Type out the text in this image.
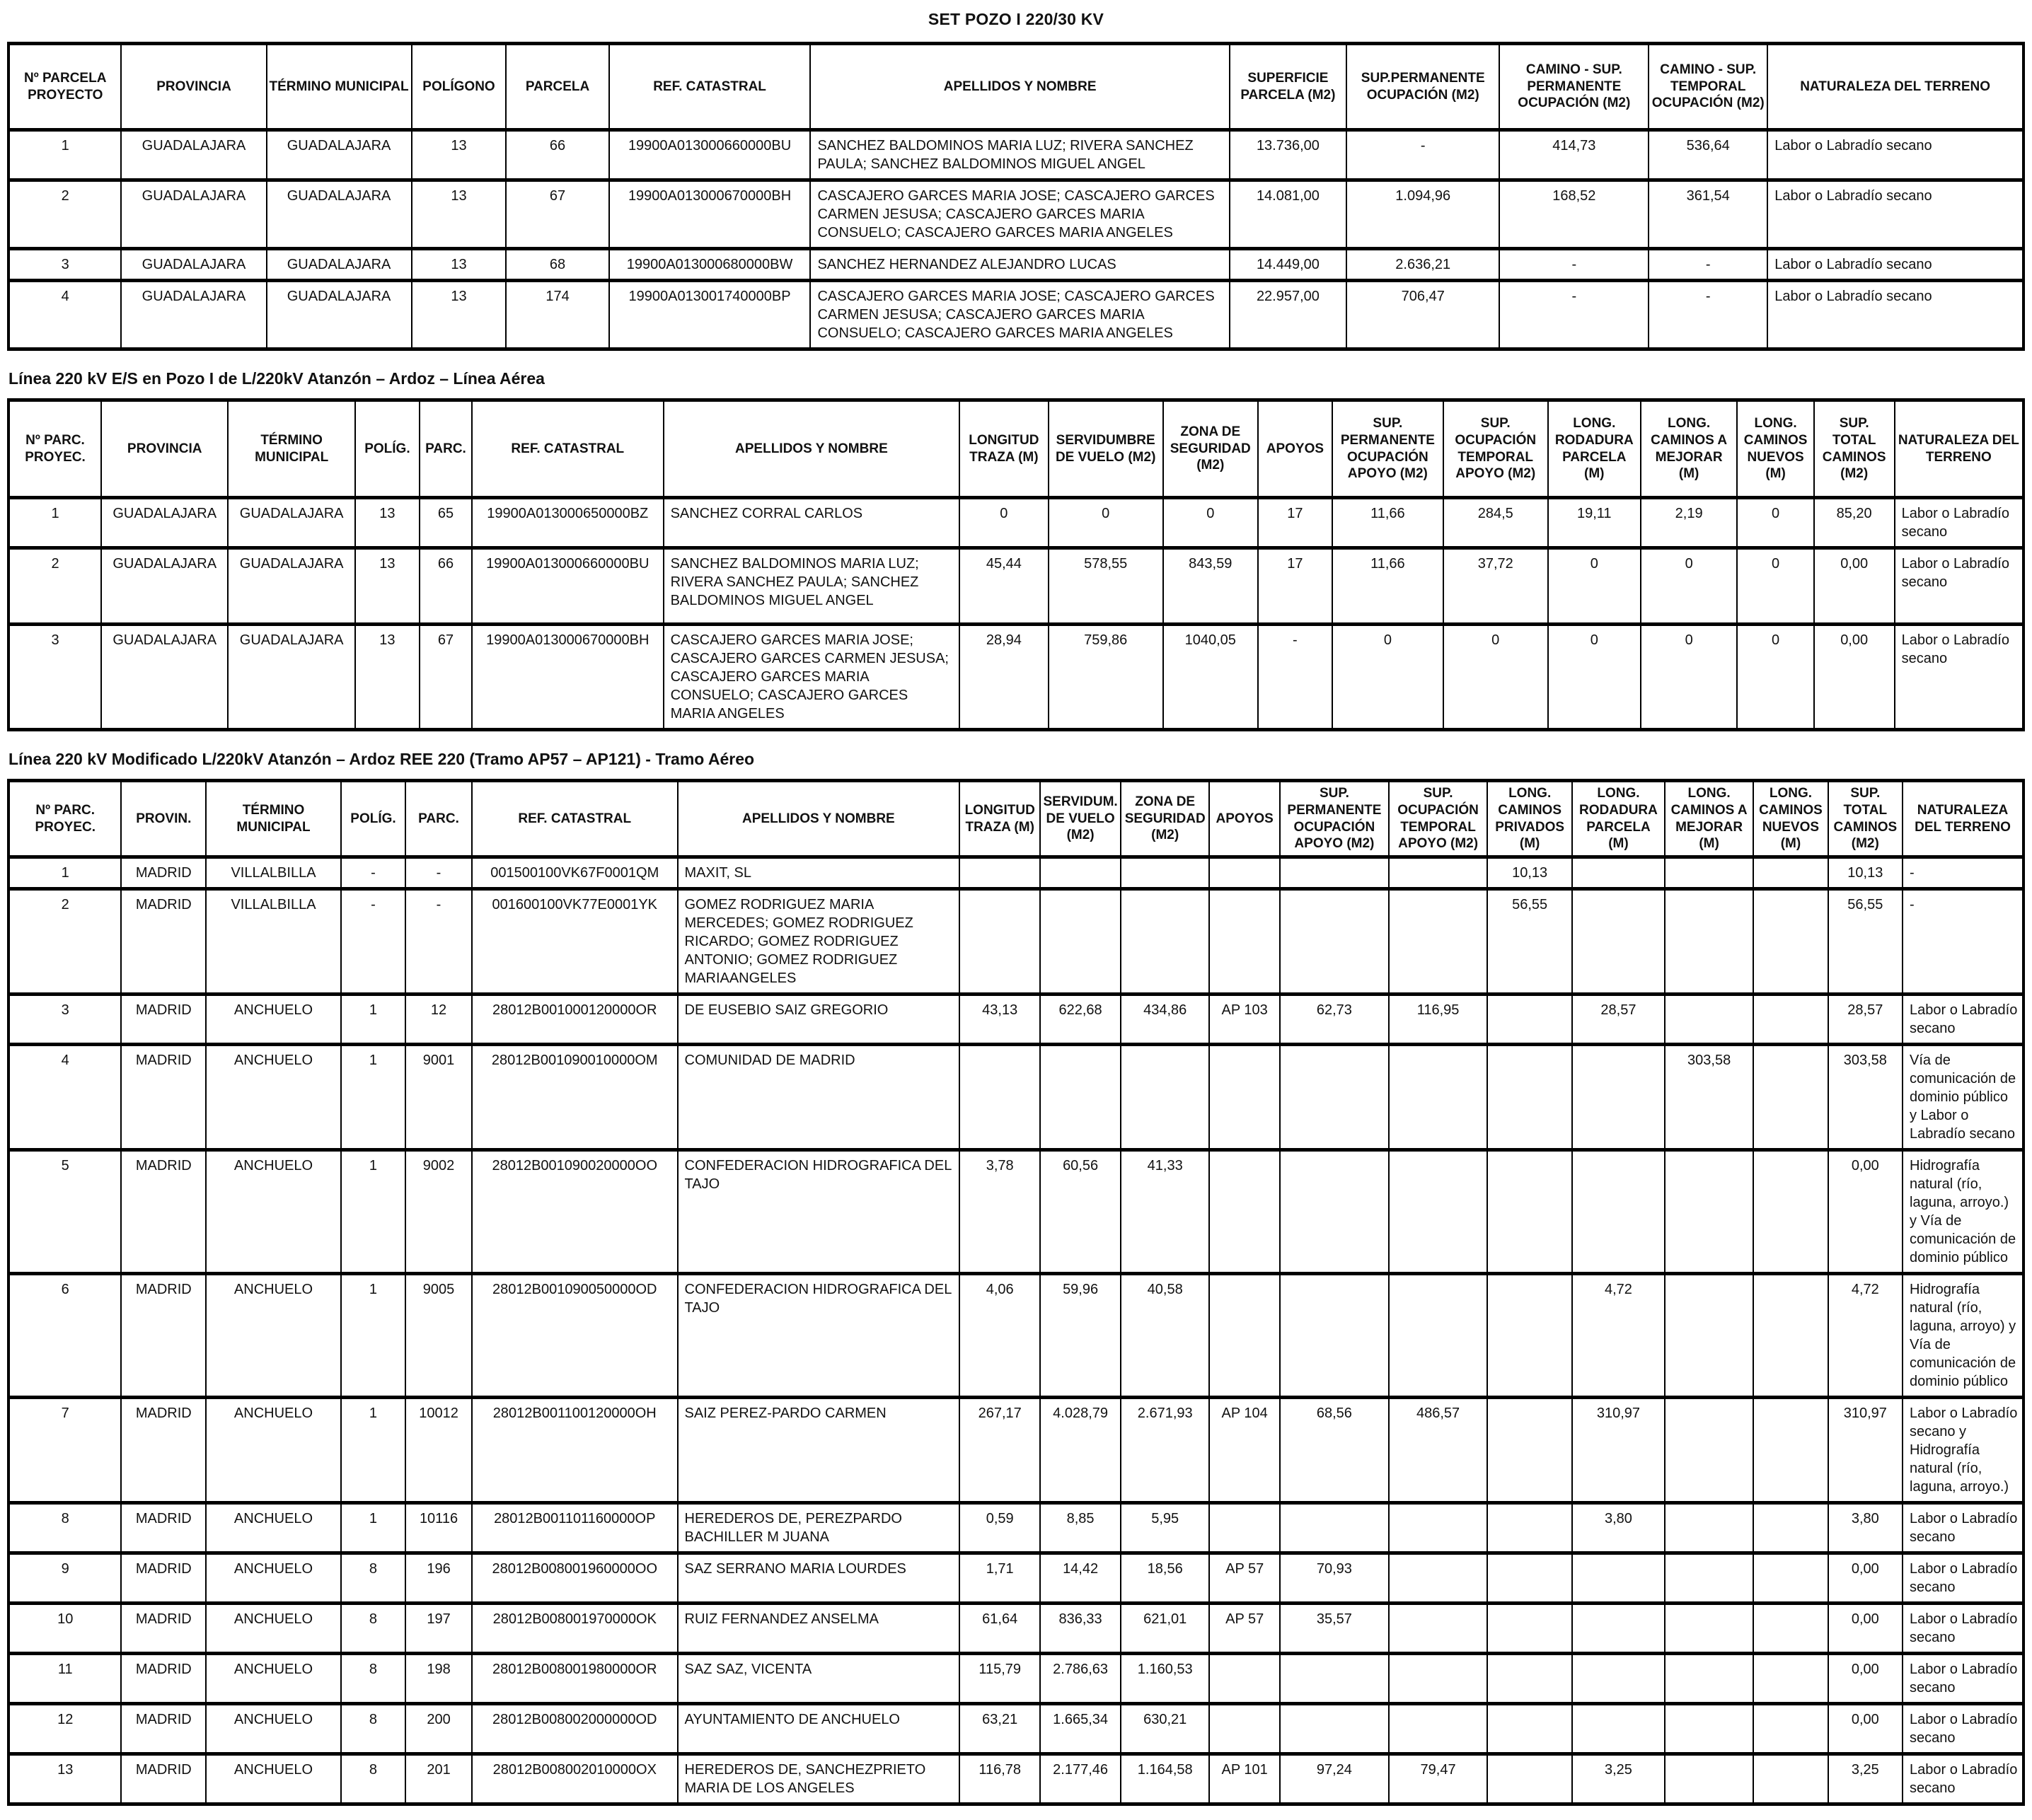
SET POZO I 220/30 KV
Nº PARCELA PROYECTO	PROVINCIA	TÉRMINO MUNICIPAL	POLÍGONO	PARCELA	REF. CATASTRAL	APELLIDOS Y NOMBRE	SUPERFICIE PARCELA (M2)	SUP.PERMANENTE OCUPACIÓN (M2)	CAMINO - SUP. PERMANENTE OCUPACIÓN (M2)	CAMINO - SUP. TEMPORAL OCUPACIÓN (M2)	NATURALEZA DEL TERRENO
1	GUADALAJARA	GUADALAJARA	13	66	19900A013000660000BU	SANCHEZ BALDOMINOS MARIA LUZ; RIVERA SANCHEZ PAULA; SANCHEZ BALDOMINOS MIGUEL ANGEL	13.736,00	-	414,73	536,64	Labor o Labradío secano
2	GUADALAJARA	GUADALAJARA	13	67	19900A013000670000BH	CASCAJERO GARCES MARIA JOSE; CASCAJERO GARCES CARMEN JESUSA; CASCAJERO GARCES MARIA CONSUELO; CASCAJERO GARCES MARIA ANGELES	14.081,00	1.094,96	168,52	361,54	Labor o Labradío secano
3	GUADALAJARA	GUADALAJARA	13	68	19900A013000680000BW	SANCHEZ HERNANDEZ ALEJANDRO LUCAS	14.449,00	2.636,21	-	-	Labor o Labradío secano
4	GUADALAJARA	GUADALAJARA	13	174	19900A013001740000BP	CASCAJERO GARCES MARIA JOSE; CASCAJERO GARCES CARMEN JESUSA; CASCAJERO GARCES MARIA CONSUELO; CASCAJERO GARCES MARIA ANGELES	22.957,00	706,47	-	-	Labor o Labradío secano
Línea 220 kV E/S en Pozo I de L/220kV Atanzón – Ardoz – Línea Aérea
Nº PARC. PROYEC.	PROVINCIA	TÉRMINO MUNICIPAL	POLÍG.	PARC.	REF. CATASTRAL	APELLIDOS Y NOMBRE	LONGITUD TRAZA (M)	SERVIDUMBRE DE VUELO (M2)	ZONA DE SEGURIDAD (M2)	APOYOS	SUP. PERMANENTE OCUPACIÓN APOYO (M2)	SUP. OCUPACIÓN TEMPORAL APOYO (M2)	LONG. RODADURA PARCELA (M)	LONG. CAMINOS A MEJORAR (M)	LONG. CAMINOS NUEVOS (M)	SUP. TOTAL CAMINOS (M2)	NATURALEZA DEL TERRENO
1	GUADALAJARA	GUADALAJARA	13	65	19900A013000650000BZ	SANCHEZ CORRAL CARLOS	0	0	0	17	11,66	284,5	19,11	2,19	0	85,20	Labor o Labradío secano
2	GUADALAJARA	GUADALAJARA	13	66	19900A013000660000BU	SANCHEZ BALDOMINOS MARIA LUZ; RIVERA SANCHEZ PAULA; SANCHEZ BALDOMINOS MIGUEL ANGEL	45,44	578,55	843,59	17	11,66	37,72	0	0	0	0,00	Labor o Labradío secano
3	GUADALAJARA	GUADALAJARA	13	67	19900A013000670000BH	CASCAJERO GARCES MARIA JOSE; CASCAJERO GARCES CARMEN JESUSA; CASCAJERO GARCES MARIA CONSUELO; CASCAJERO GARCES MARIA ANGELES	28,94	759,86	1040,05	-	0	0	0	0	0	0,00	Labor o Labradío secano
Línea 220 kV Modificado L/220kV Atanzón – Ardoz REE 220 (Tramo AP57 – AP121) - Tramo Aéreo
Nº PARC. PROYEC.	PROVIN.	TÉRMINO MUNICIPAL	POLÍG.	PARC.	REF. CATASTRAL	APELLIDOS Y NOMBRE	LONGITUD TRAZA (M)	SERVIDUM. DE VUELO (M2)	ZONA DE SEGURIDAD (M2)	APOYOS	SUP. PERMANENTE OCUPACIÓN APOYO (M2)	SUP. OCUPACIÓN TEMPORAL APOYO (M2)	LONG. CAMINOS PRIVADOS (M)	LONG. RODADURA PARCELA (M)	LONG. CAMINOS A MEJORAR (M)	LONG. CAMINOS NUEVOS (M)	SUP. TOTAL CAMINOS (M2)	NATURALEZA DEL TERRENO
1	MADRID	VILLALBILLA	-	-	001500100VK67F0001QM	MAXIT, SL							10,13				10,13	-
2	MADRID	VILLALBILLA	-	-	001600100VK77E0001YK	GOMEZ RODRIGUEZ MARIA MERCEDES; GOMEZ RODRIGUEZ RICARDO; GOMEZ RODRIGUEZ ANTONIO; GOMEZ RODRIGUEZ MARIAANGELES							56,55				56,55	-
3	MADRID	ANCHUELO	1	12	28012B001000120000OR	DE EUSEBIO SAIZ GREGORIO	43,13	622,68	434,86	AP 103	62,73	116,95		28,57			28,57	Labor o Labradío secano
4	MADRID	ANCHUELO	1	9001	28012B001090010000OM	COMUNIDAD DE MADRID									303,58		303,58	Vía de comunicación de dominio público y Labor o Labradío secano
5	MADRID	ANCHUELO	1	9002	28012B001090020000OO	CONFEDERACION HIDROGRAFICA DEL TAJO	3,78	60,56	41,33								0,00	Hidrografía natural (río, laguna, arroyo.) y Vía de comunicación de dominio público
6	MADRID	ANCHUELO	1	9005	28012B001090050000OD	CONFEDERACION HIDROGRAFICA DEL TAJO	4,06	59,96	40,58					4,72			4,72	Hidrografía natural (río, laguna, arroyo) y Vía de comunicación de dominio público
7	MADRID	ANCHUELO	1	10012	28012B001100120000OH	SAIZ PEREZ-PARDO CARMEN	267,17	4.028,79	2.671,93	AP 104	68,56	486,57		310,97			310,97	Labor o Labradío secano y Hidrografía natural (río, laguna, arroyo.)
8	MADRID	ANCHUELO	1	10116	28012B001101160000OP	HEREDEROS DE, PEREZPARDO BACHILLER M JUANA	0,59	8,85	5,95					3,80			3,80	Labor o Labradío secano
9	MADRID	ANCHUELO	8	196	28012B008001960000OO	SAZ SERRANO MARIA LOURDES	1,71	14,42	18,56	AP 57	70,93						0,00	Labor o Labradío secano
10	MADRID	ANCHUELO	8	197	28012B008001970000OK	RUIZ FERNANDEZ ANSELMA	61,64	836,33	621,01	AP 57	35,57						0,00	Labor o Labradío secano
11	MADRID	ANCHUELO	8	198	28012B008001980000OR	SAZ SAZ, VICENTA	115,79	2.786,63	1.160,53								0,00	Labor o Labradío secano
12	MADRID	ANCHUELO	8	200	28012B008002000000OD	AYUNTAMIENTO DE ANCHUELO	63,21	1.665,34	630,21								0,00	Labor o Labradío secano
13	MADRID	ANCHUELO	8	201	28012B008002010000OX	HEREDEROS DE, SANCHEZPRIETO MARIA DE LOS ANGELES	116,78	2.177,46	1.164,58	AP 101	97,24	79,47		3,25			3,25	Labor o Labradío secano
